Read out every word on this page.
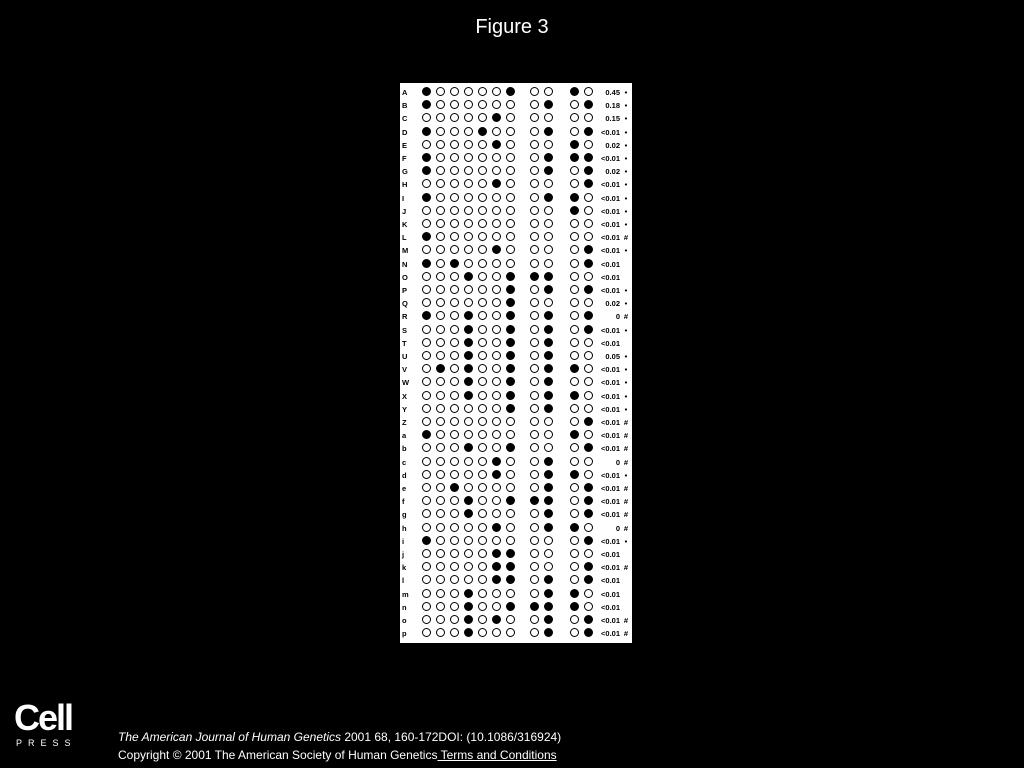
Figure 3
A	0.45 •
B	0.18 •
C	0.15 •
D	<0.01 •
E	0.02 •
F	<0.01 •
G	0.02 •
H	<0.01 •
I	<0.01 •
J	<0.01 •
K	<0.01 •
L	<0.01 #
M	<0.01 •
N	<0.01
O	<0.01
P	<0.01 •
Q	0.02 •
R	0 #
S	<0.01 •
T	<0.01
U	0.05 •
V	<0.01 •
W	<0.01 •
X	<0.01 •
Y	<0.01 •
Z	<0.01 #
a	<0.01 #
b	<0.01 #
c	0 #
d	<0.01 •
e	<0.01 #
f	<0.01 #
g	<0.01 #
h	0 #
i	<0.01 •
j	<0.01
k	<0.01 #
l	<0.01
m	<0.01
n	<0.01
o	<0.01 #
p	<0.01 #
Cell
PRESS	The American Journal of Human Genetics 2001 68, 160-172DOI: (10.1086/316924)
Copyright © 2001 The American Society of Human Genetics Terms and Conditions
